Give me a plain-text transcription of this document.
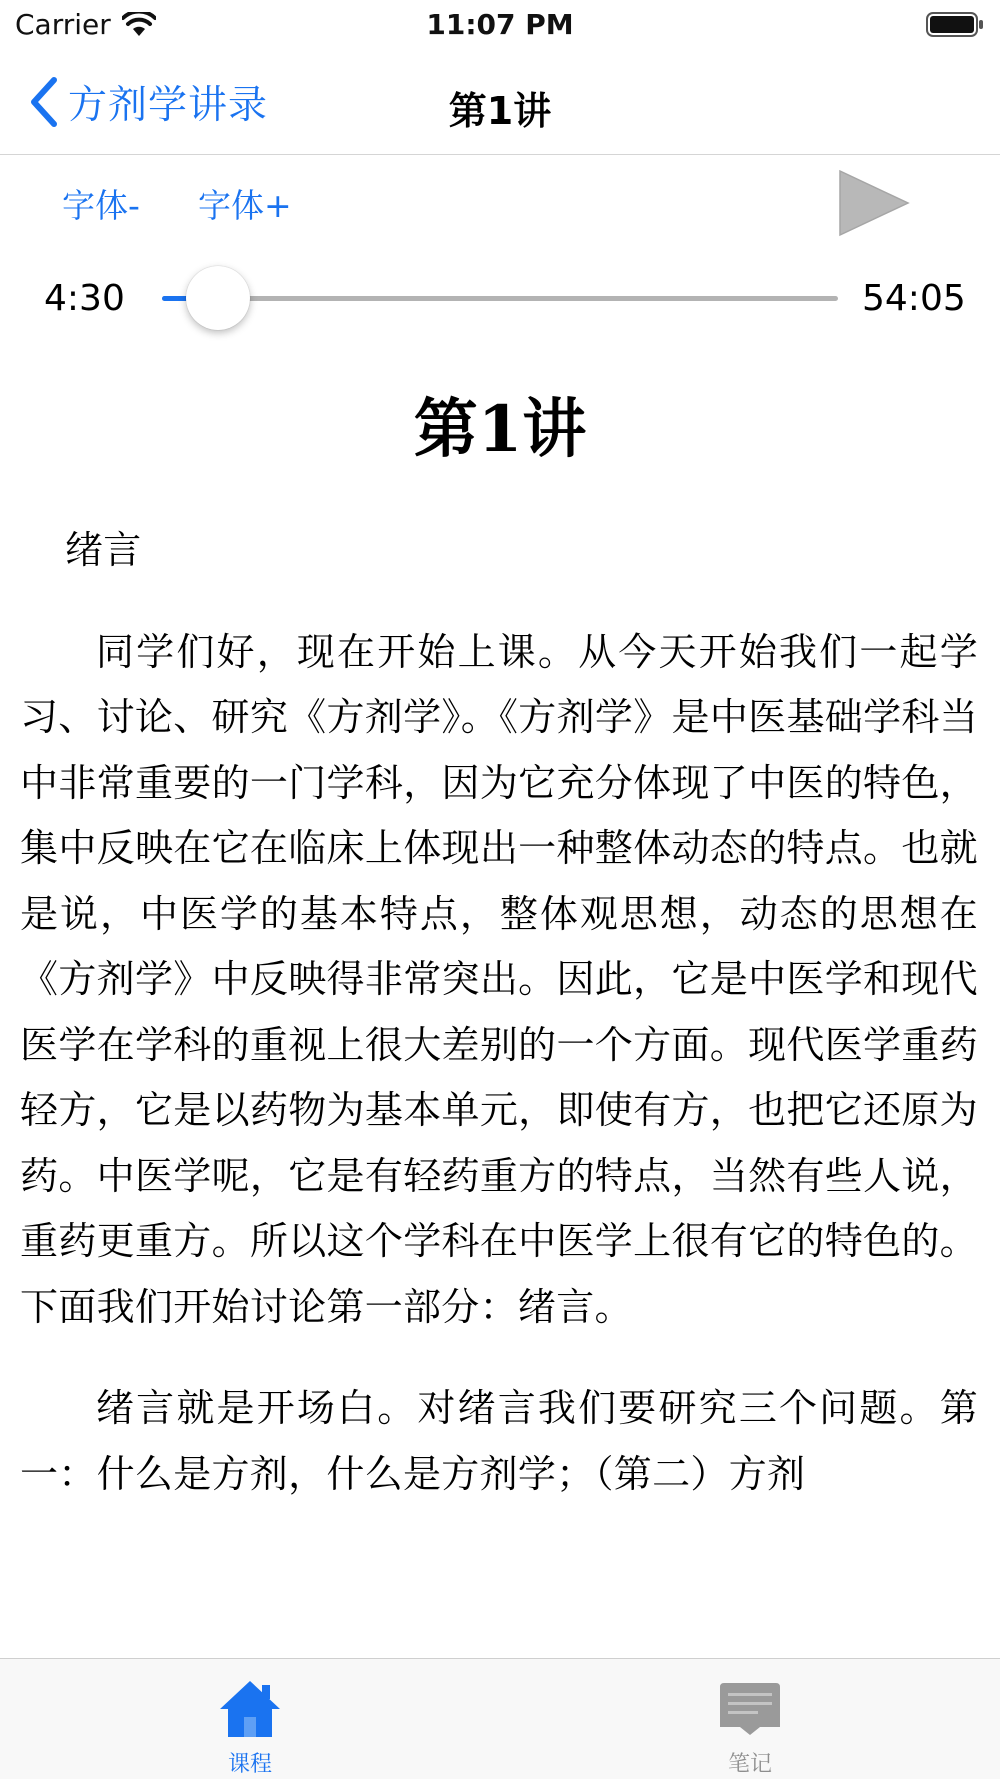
Carrier	11:07 PM
方剂学讲录	第1讲
字体- 字体+
4:30	54:05
第1讲

绪言

同学们好，现在开始上课。从今天开始我们一起学习、讨论、研究《方剂学》。《方剂学》是中医基础学科当中非常重要的一门学科，因为它充分体现了中医的特色，集中反映在它在临床上体现出一种整体动态的特点。也就是说，中医学的基本特点，整体观思想，动态的思想在《方剂学》中反映得非常突出。因此，它是中医学和现代医学在学科的重视上很大差别的一个方面。现代医学重药轻方，它是以药物为基本单元，即使有方，也把它还原为药。中医学呢，它是有轻药重方的特点，当然有些人说，重药更重方。所以这个学科在中医学上很有它的特色的。下面我们开始讨论第一部分：绪言。

绪言就是开场白。对绪言我们要研究三个问题。第一：什么是方剂，什么是方剂学；（第二）方剂

课程	笔记
